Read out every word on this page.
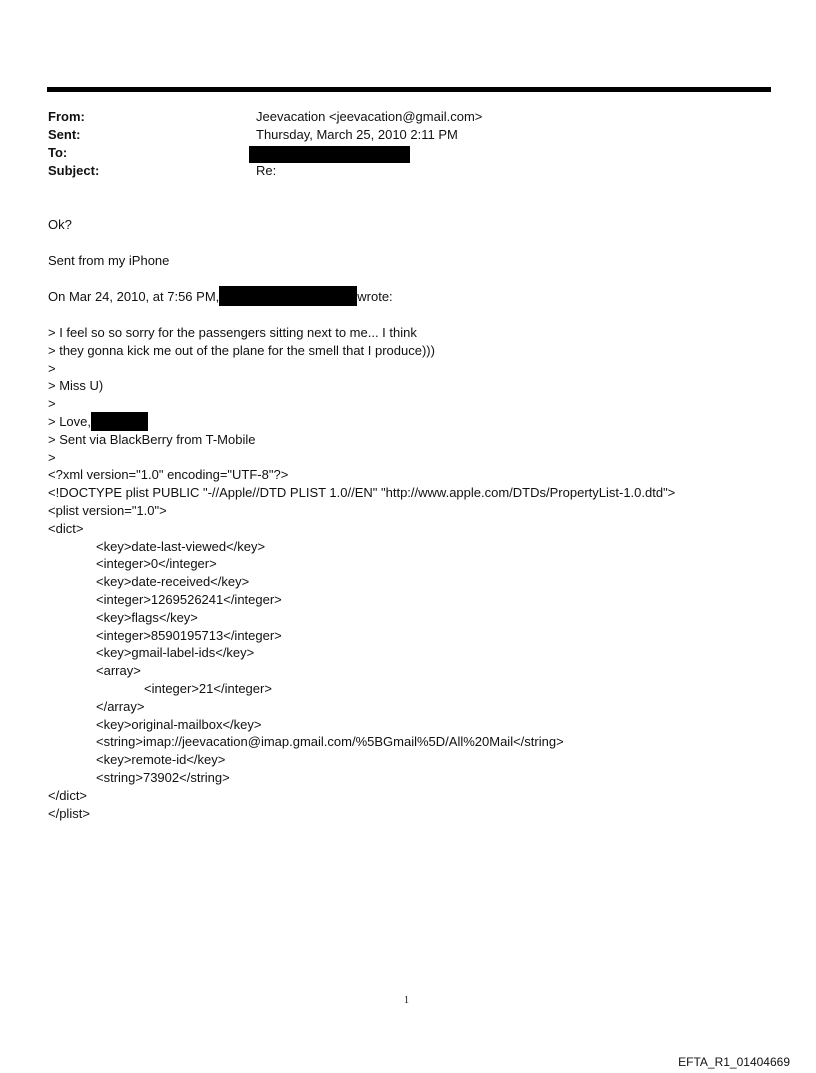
From:	Jeevacation <jeevacation@gmail.com>
Sent:	Thursday, March 25, 2010 2:11 PM
To:
Subject:	Re:
Ok?
Sent from my iPhone
On Mar 24, 2010, at 7:56 PM,	wrote:
> I feel so so sorry for the passengers sitting next to me... I think
> they gonna kick me out of the plane for the smell that I produce)))
>
> Miss U)
>
> Love,
> Sent via BlackBerry from T-Mobile
>
<?xml version="1.0" encoding="UTF-8"?>
<!DOCTYPE plist PUBLIC "-//Apple//DTD PLIST 1.0//EN" "http://www.apple.com/DTDs/PropertyList-1.0.dtd">
<plist version="1.0">
<dict>
<key>date-last-viewed</key>
<integer>0</integer>
<key>date-received</key>
<integer>1269526241</integer>
<key>flags</key>
<integer>8590195713</integer>
<key>gmail-label-ids</key>
<array>
<integer>21</integer>
</array>
<key>original-mailbox</key>
<string>imap://jeevacation@imap.gmail.com/%5BGmail%5D/All%20Mail</string>
<key>remote-id</key>
<string>73902</string>
</dict>
</plist>
1
EFTA_R1_01404669
